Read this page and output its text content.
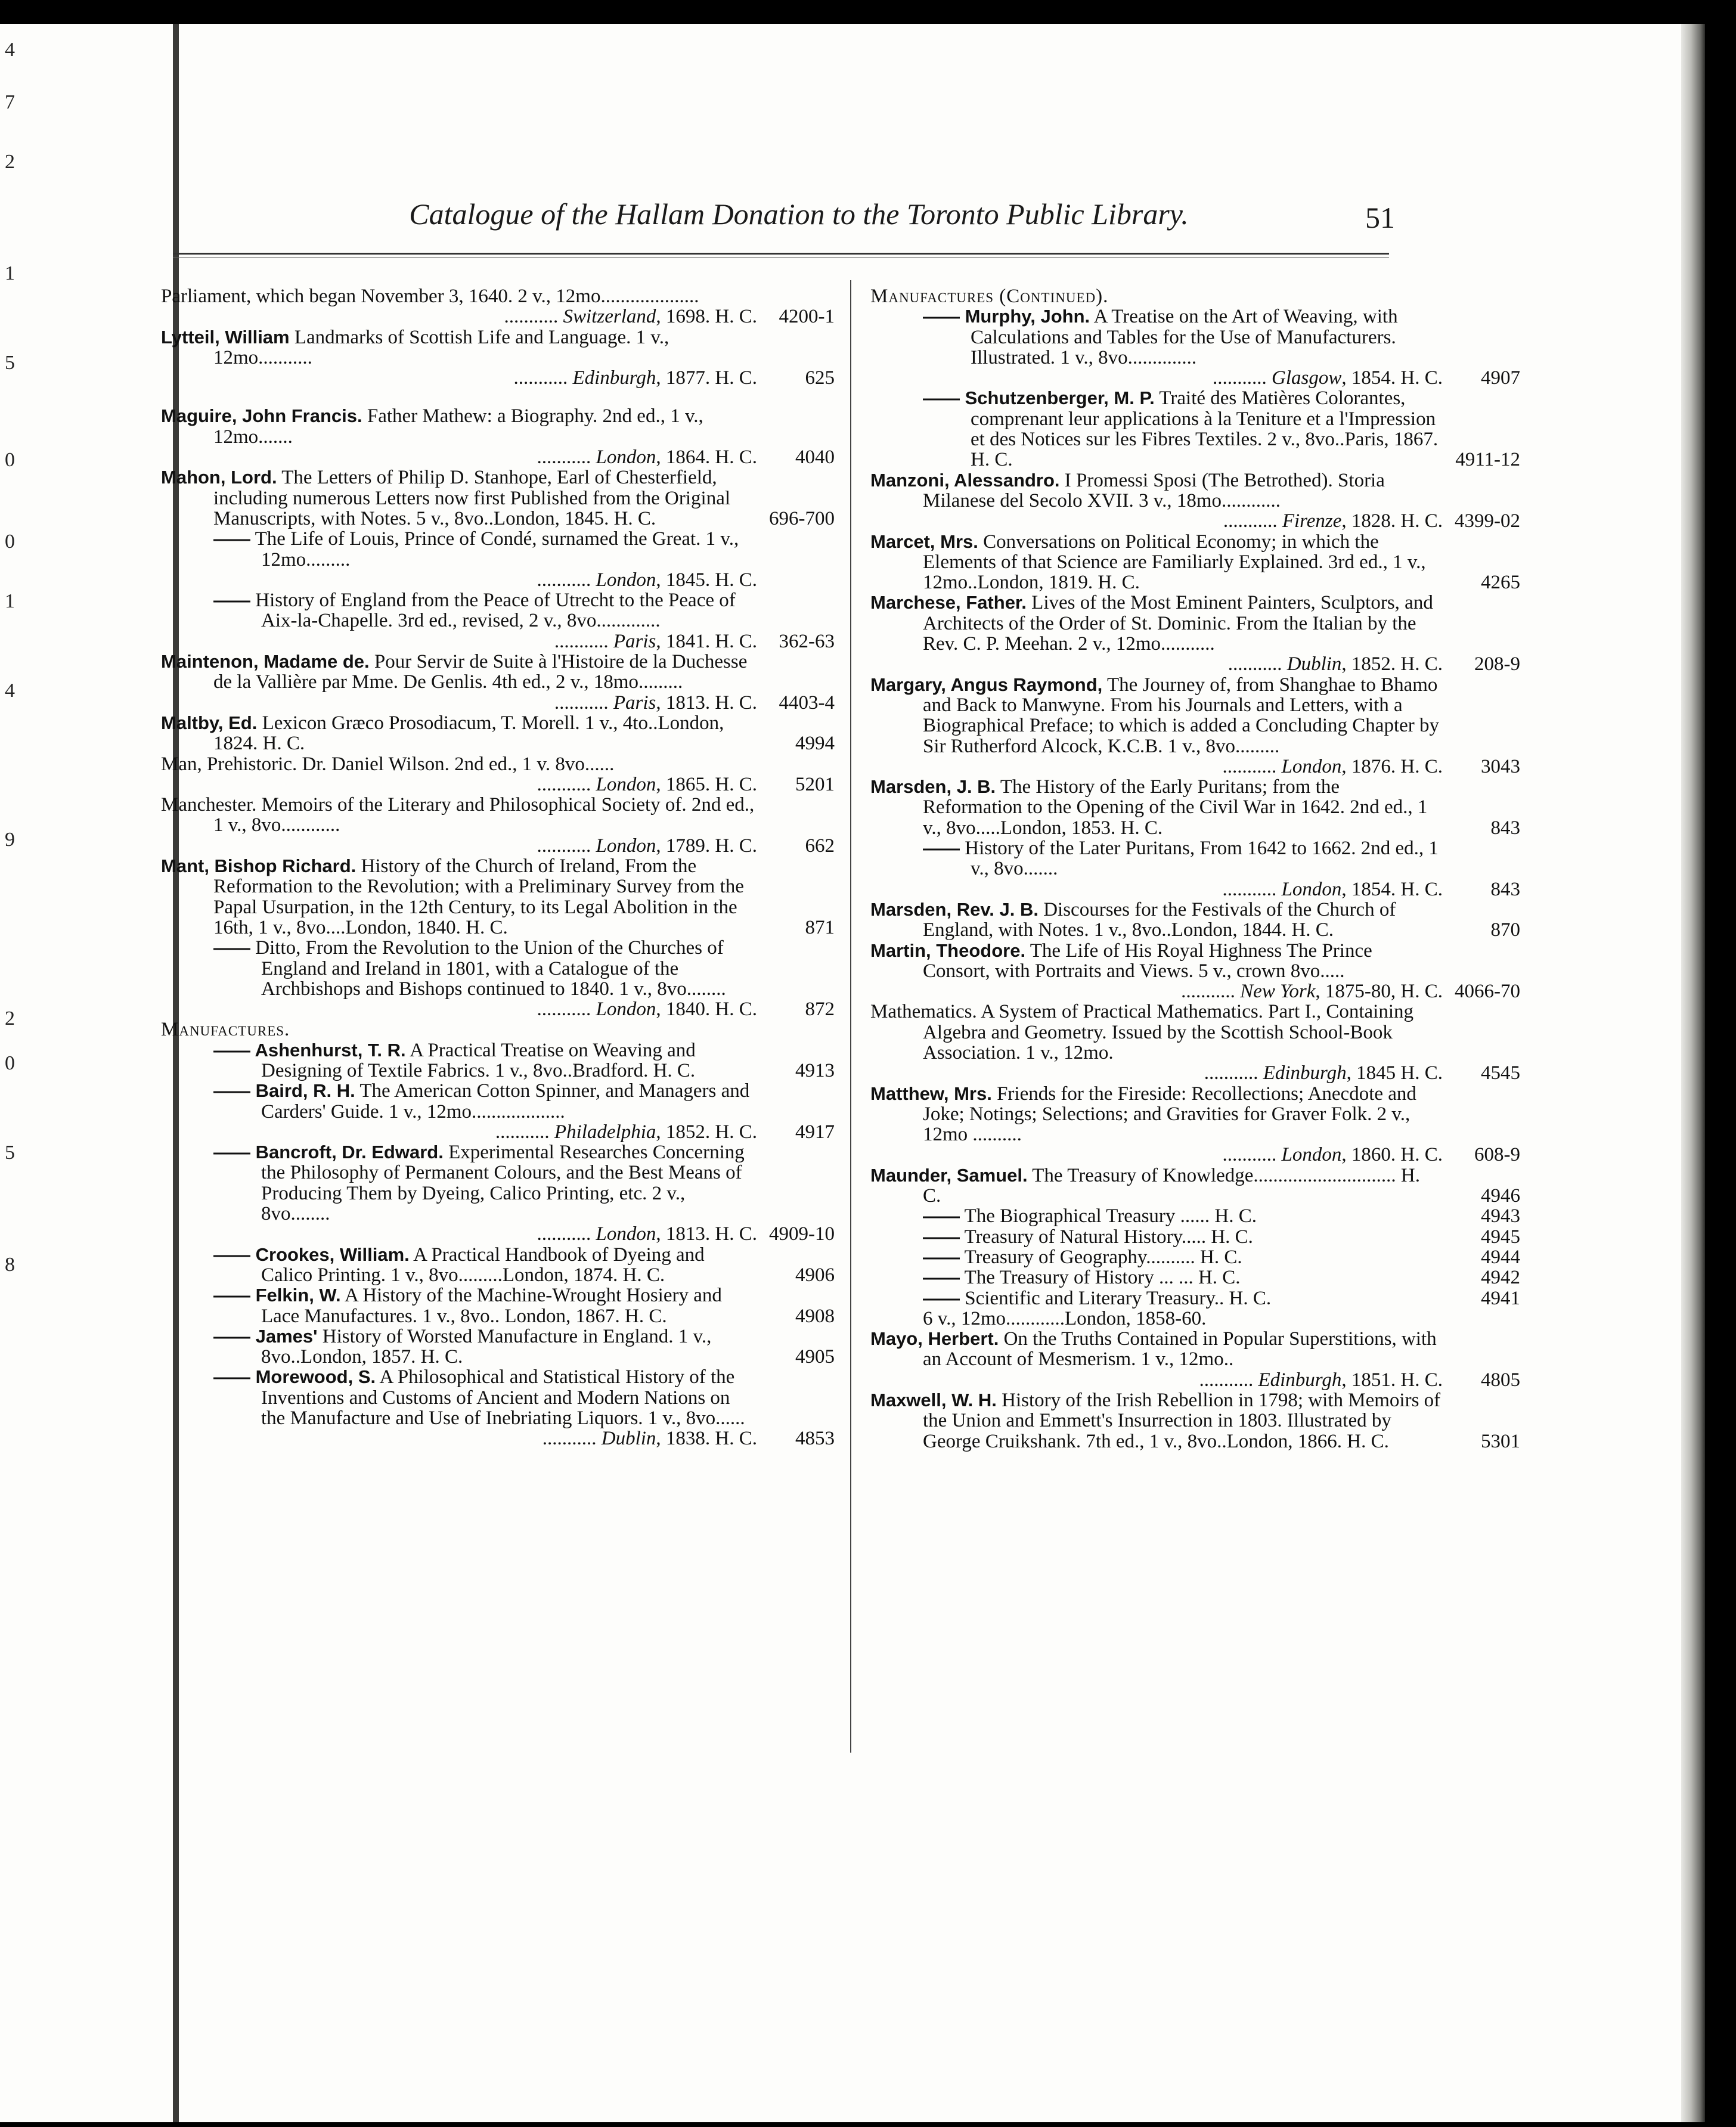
4
7
2
1
5
0
0
1
4
9
2
0
5
8
Catalogue of the Hallam Donation to the Toronto Public Library.	51
Parliament, which began November 3, 1640. 2 v., 12mo....................
........... Switzerland, 1698. H. C. 4200-1
Lytteil, William Landmarks of Scottish Life and Language. 1 v., 12mo...........
........... Edinburgh, 1877. H. C. 625
Maguire, John Francis. Father Mathew: a Biography. 2nd ed., 1 v., 12mo.......
........... London, 1864. H. C. 4040
Mahon, Lord. The Letters of Philip D. Stanhope, Earl of Chesterfield, including numerous Letters now first Published from the Original Manuscripts, with Notes. 5 v., 8vo..London, 1845. H. C.	696-700
—— The Life of Louis, Prince of Condé, surnamed the Great. 1 v., 12mo.........
........... London, 1845. H. C.
—— History of England from the Peace of Utrecht to the Peace of Aix-la-Chapelle. 3rd ed., revised, 2 v., 8vo.............
........... Paris, 1841. H. C. 362-63
Maintenon, Madame de. Pour Servir de Suite à l'Histoire de la Duchesse de la Vallière par Mme. De Genlis. 4th ed., 2 v., 18mo.........
........... Paris, 1813. H. C. 4403-4
Maltby, Ed. Lexicon Græco Prosodiacum, T. Morell. 1 v., 4to..London, 1824. H. C.	4994
Man, Prehistoric. Dr. Daniel Wilson. 2nd ed., 1 v. 8vo......
........... London, 1865. H. C. 5201
Manchester. Memoirs of the Literary and Philosophical Society of. 2nd ed., 1 v., 8vo............
........... London, 1789. H. C. 662
Mant, Bishop Richard. History of the Church of Ireland, From the Reformation to the Revolution; with a Preliminary Survey from the Papal Usurpation, in the 12th Century, to its Legal Abolition in the 16th, 1 v., 8vo....London, 1840. H. C.	871
—— Ditto, From the Revolution to the Union of the Churches of England and Ireland in 1801, with a Catalogue of the Archbishops and Bishops continued to 1840. 1 v., 8vo........
........... London, 1840. H. C. 872
Manufactures.
—— Ashenhurst, T. R. A Practical Treatise on Weaving and Designing of Textile Fabrics. 1 v., 8vo..Bradford. H. C.	4913
—— Baird, R. H. The American Cotton Spinner, and Managers and Carders' Guide. 1 v., 12mo...................
........... Philadelphia, 1852. H. C. 4917
—— Bancroft, Dr. Edward. Experimental Researches Concerning the Philosophy of Permanent Colours, and the Best Means of Producing Them by Dyeing, Calico Printing, etc. 2 v., 8vo........
........... London, 1813. H. C. 4909-10
—— Crookes, William. A Practical Handbook of Dyeing and Calico Printing. 1 v., 8vo.........London, 1874. H. C.	4906
—— Felkin, W. A History of the Machine-Wrought Hosiery and Lace Manufactures. 1 v., 8vo.. London, 1867. H. C.	4908
—— James' History of Worsted Manufacture in England. 1 v., 8vo..London, 1857. H. C.	4905
—— Morewood, S. A Philosophical and Statistical History of the Inventions and Customs of Ancient and Modern Nations on the Manufacture and Use of Inebriating Liquors. 1 v., 8vo......
........... Dublin, 1838. H. C. 4853
Manufactures (Continued).
—— Murphy, John. A Treatise on the Art of Weaving, with Calculations and Tables for the Use of Manufacturers. Illustrated. 1 v., 8vo..............
........... Glasgow, 1854. H. C. 4907
—— Schutzenberger, M. P. Traité des Matières Colorantes, comprenant leur applications à la Teniture et a l'Impression et des Notices sur les Fibres Textiles. 2 v., 8vo..Paris, 1867. H. C.	4911-12
Manzoni, Alessandro. I Promessi Sposi (The Betrothed). Storia Milanese del Secolo XVII. 3 v., 18mo............
........... Firenze, 1828. H. C. 4399-02
Marcet, Mrs. Conversations on Political Economy; in which the Elements of that Science are Familiarly Explained. 3rd ed., 1 v., 12mo..London, 1819. H. C.	4265
Marchese, Father. Lives of the Most Eminent Painters, Sculptors, and Architects of the Order of St. Dominic. From the Italian by the Rev. C. P. Meehan. 2 v., 12mo...........
........... Dublin, 1852. H. C. 208-9
Margary, Angus Raymond, The Journey of, from Shanghae to Bhamo and Back to Manwyne. From his Journals and Letters, with a Biographical Preface; to which is added a Concluding Chapter by Sir Rutherford Alcock, K.C.B. 1 v., 8vo.........
........... London, 1876. H. C. 3043
Marsden, J. B. The History of the Early Puritans; from the Reformation to the Opening of the Civil War in 1642. 2nd ed., 1 v., 8vo.....London, 1853. H. C.	843
—— History of the Later Puritans, From 1642 to 1662. 2nd ed., 1 v., 8vo.......
........... London, 1854. H. C. 843
Marsden, Rev. J. B. Discourses for the Festivals of the Church of England, with Notes. 1 v., 8vo..London, 1844. H. C.	870
Martin, Theodore. The Life of His Royal Highness The Prince Consort, with Portraits and Views. 5 v., crown 8vo.....
........... New York, 1875-80, H. C. 4066-70
Mathematics. A System of Practical Mathematics. Part I., Containing Algebra and Geometry. Issued by the Scottish School-Book Association. 1 v., 12mo.
........... Edinburgh, 1845 H. C. 4545
Matthew, Mrs. Friends for the Fireside: Recollections; Anecdote and Joke; Notings; Selections; and Gravities for Graver Folk. 2 v., 12mo ..........
........... London, 1860. H. C. 608-9
Maunder, Samuel. The Treasury of Knowledge............................. H. C.	4946
—— The Biographical Treasury ...... H. C.	4943
—— Treasury of Natural History..... H. C.	4945
—— Treasury of Geography.......... H. C.	4944
—— The Treasury of History ... ... H. C.	4942
—— Scientific and Literary Treasury.. H. C.	4941
6 v., 12mo............London, 1858-60.
Mayo, Herbert. On the Truths Contained in Popular Superstitions, with an Account of Mesmerism. 1 v., 12mo..
........... Edinburgh, 1851. H. C. 4805
Maxwell, W. H. History of the Irish Rebellion in 1798; with Memoirs of the Union and Emmett's Insurrection in 1803. Illustrated by George Cruikshank. 7th ed., 1 v., 8vo..London, 1866. H. C.	5301
